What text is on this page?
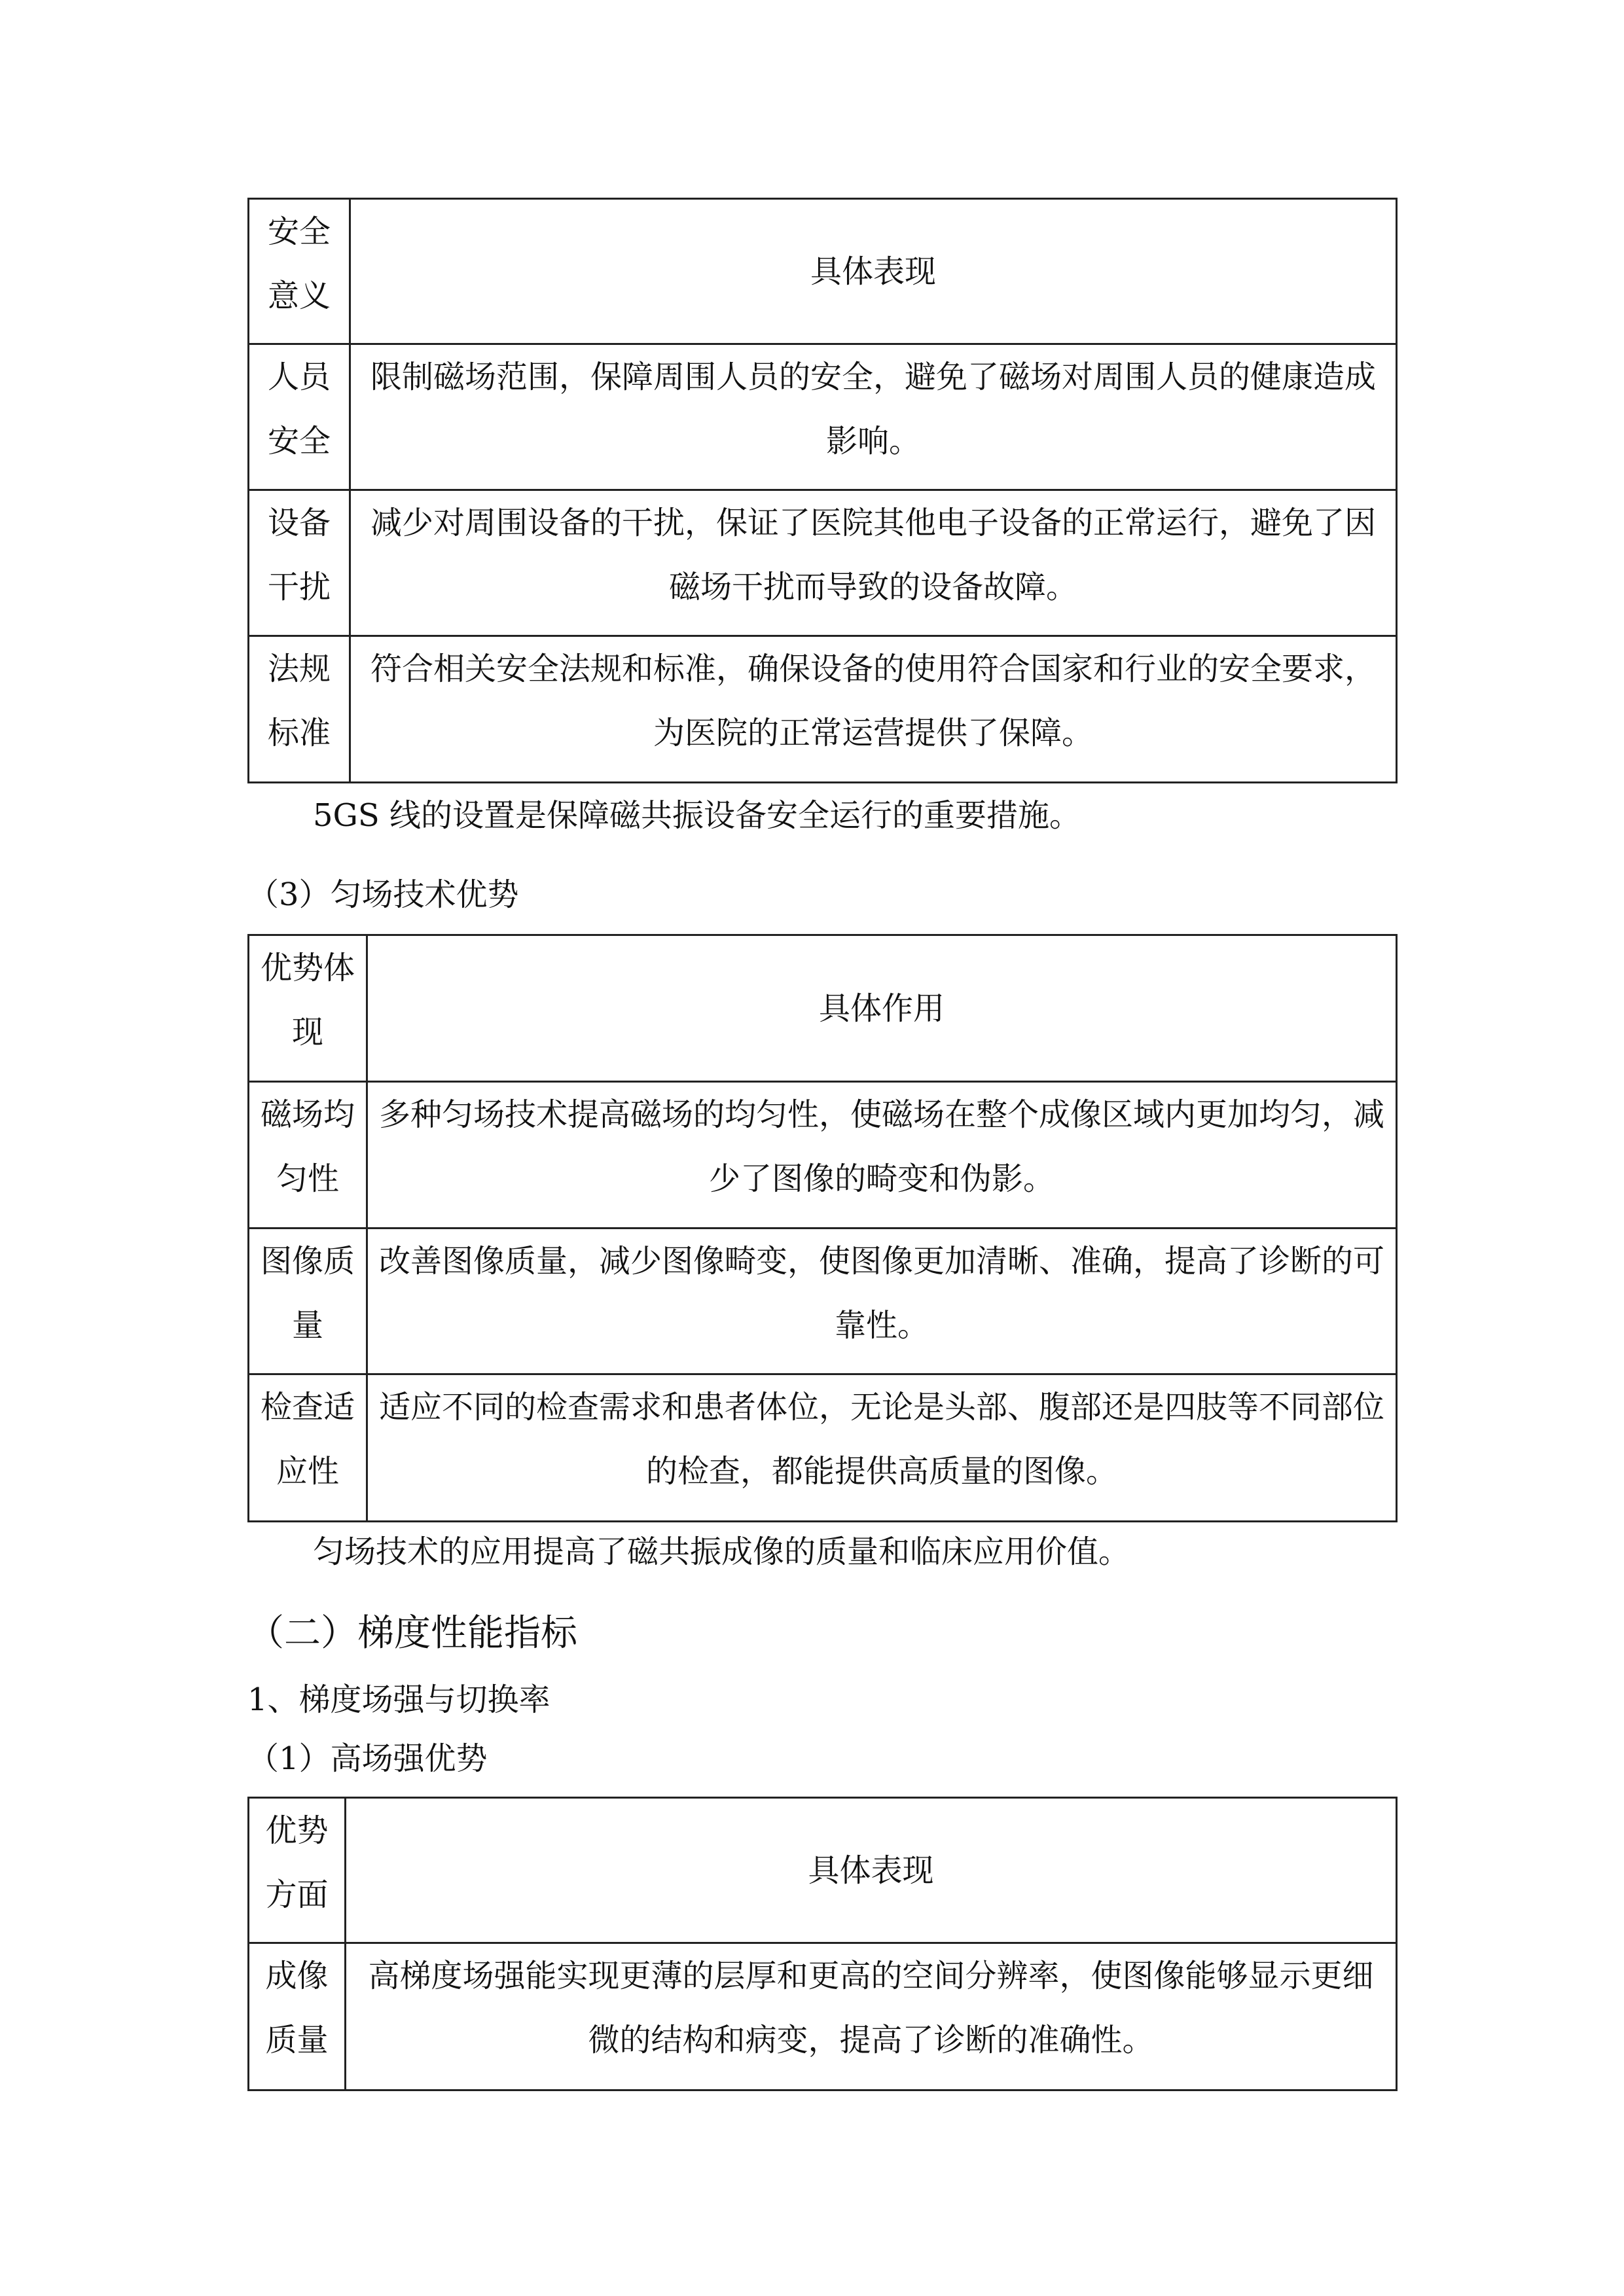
安全意义	具体表现
人员安全	限制磁场范围，保障周围人员的安全，避免了磁场对周围人员的健康造成影响。
设备干扰	减少对周围设备的干扰，保证了医院其他电子设备的正常运行，避免了因磁场干扰而导致的设备故障。
法规标准	符合相关安全法规和标准，确保设备的使用符合国家和行业的安全要求，为医院的正常运营提供了保障。
5GS 线的设置是保障磁共振设备安全运行的重要措施。
（3）匀场技术优势
优势体现	具体作用
磁场均匀性	多种匀场技术提高磁场的均匀性，使磁场在整个成像区域内更加均匀，减少了图像的畸变和伪影。
图像质量	改善图像质量，减少图像畸变，使图像更加清晰、准确，提高了诊断的可靠性。
检查适应性	适应不同的检查需求和患者体位，无论是头部、腹部还是四肢等不同部位的检查，都能提供高质量的图像。
匀场技术的应用提高了磁共振成像的质量和临床应用价值。
（二）梯度性能指标
1、梯度场强与切换率
（1）高场强优势
优势方面	具体表现
成像质量	高梯度场强能实现更薄的层厚和更高的空间分辨率，使图像能够显示更细微的结构和病变，提高了诊断的准确性。
